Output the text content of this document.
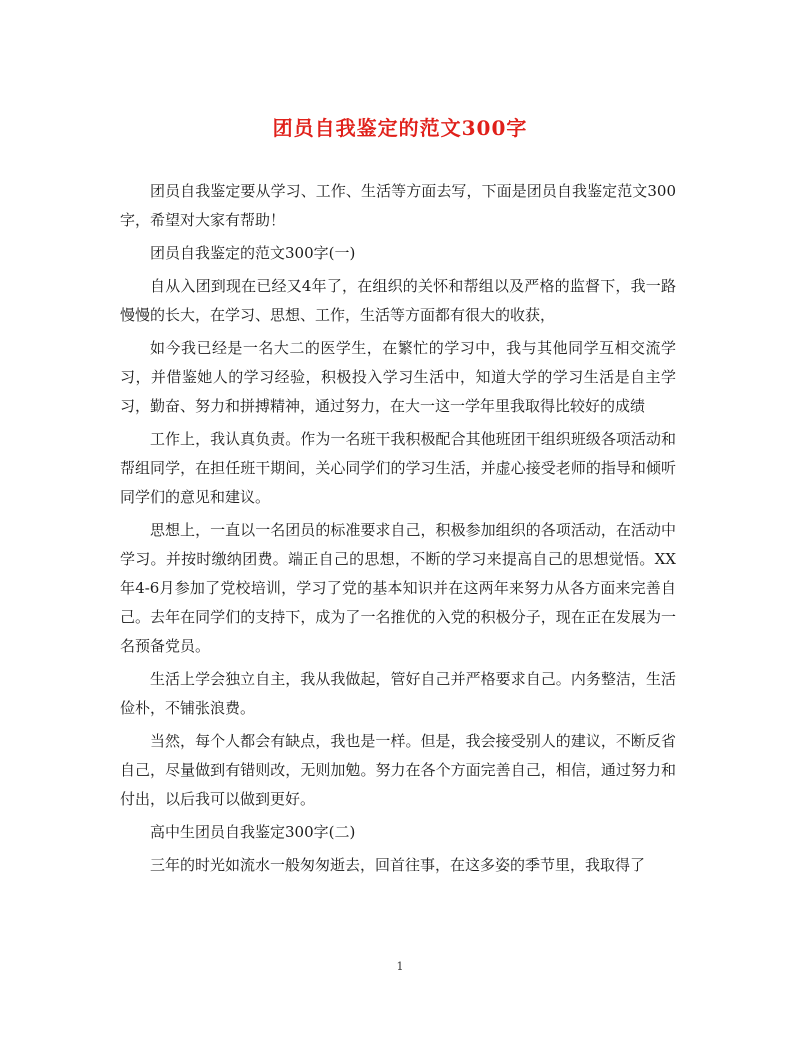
团员自我鉴定的范文300字

团员自我鉴定要从学习、工作、生活等方面去写，下面是团员自我鉴定范文300字，希望对大家有帮助！

团员自我鉴定的范文300字(一)

自从入团到现在已经又4年了，在组织的关怀和帮组以及严格的监督下，我一路慢慢的长大，在学习、思想、工作，生活等方面都有很大的收获，

如今我已经是一名大二的医学生，在繁忙的学习中，我与其他同学互相交流学习，并借鉴她人的学习经验，积极投入学习生活中，知道大学的学习生活是自主学习，勤奋、努力和拼搏精神，通过努力，在大一这一学年里我取得比较好的成绩

工作上，我认真负责。作为一名班干我积极配合其他班团干组织班级各项活动和帮组同学，在担任班干期间，关心同学们的学习生活，并虚心接受老师的指导和倾听同学们的意见和建议。

思想上，一直以一名团员的标准要求自己，积极参加组织的各项活动，在活动中学习。并按时缴纳团费。端正自己的思想，不断的学习来提高自己的思想觉悟。XX年4-6月参加了党校培训，学习了党的基本知识并在这两年来努力从各方面来完善自己。去年在同学们的支持下，成为了一名推优的入党的积极分子，现在正在发展为一名预备党员。

生活上学会独立自主，我从我做起，管好自己并严格要求自己。内务整洁，生活俭朴，不铺张浪费。

当然，每个人都会有缺点，我也是一样。但是，我会接受别人的建议，不断反省自己，尽量做到有错则改，无则加勉。努力在各个方面完善自己，相信，通过努力和付出，以后我可以做到更好。

高中生团员自我鉴定300字(二)

三年的时光如流水一般匆匆逝去，回首往事，在这多姿的季节里，我取得了

1
